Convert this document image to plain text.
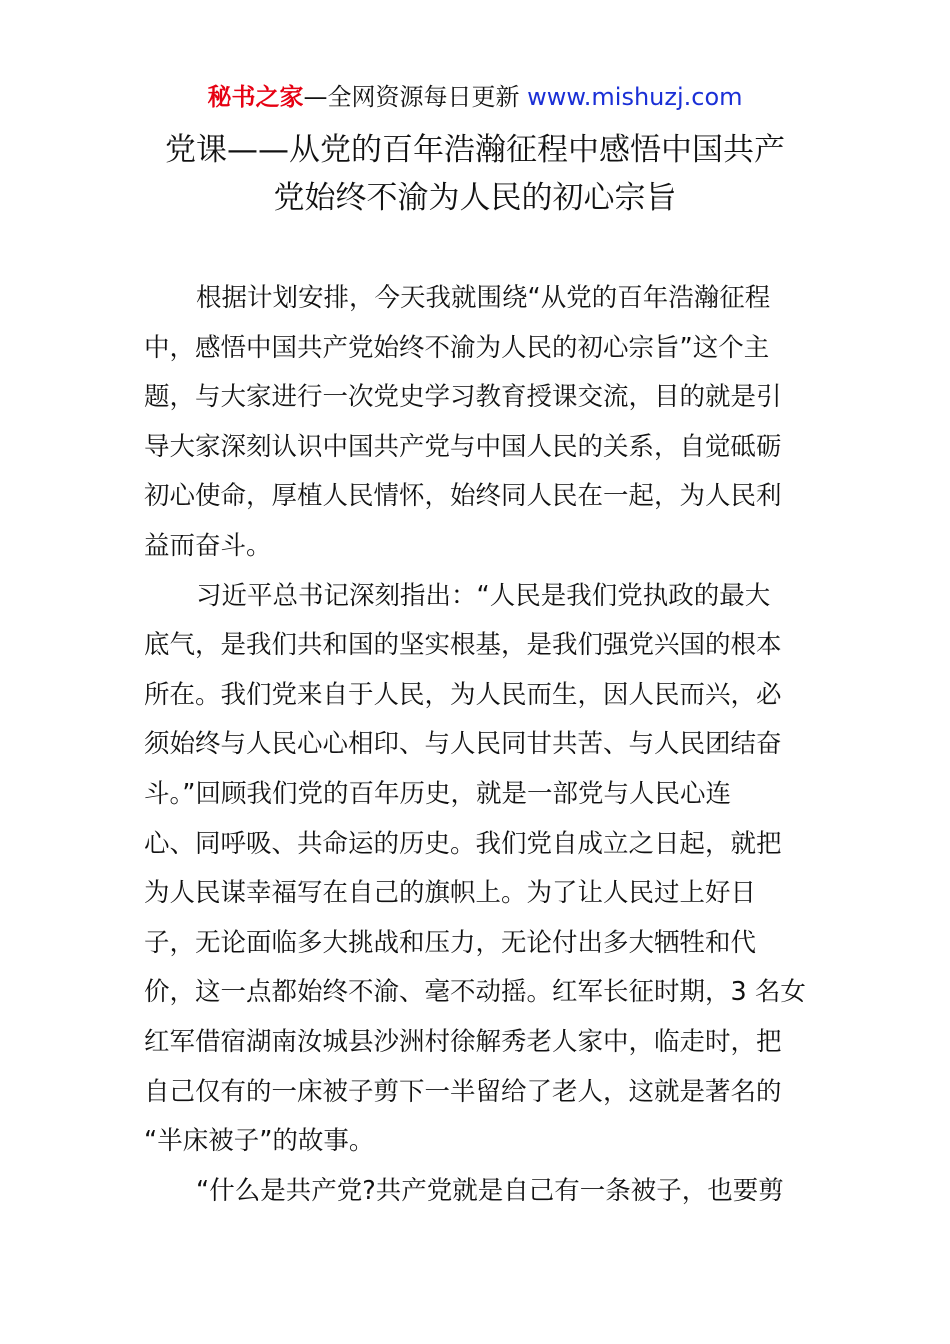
秘书之家—全网资源每日更新 www.mishuzj.com
党课——从党的百年浩瀚征程中感悟中国共产
党始终不渝为人民的初心宗旨
根据计划安排，今天我就围绕“从党的百年浩瀚征程
中，感悟中国共产党始终不渝为人民的初心宗旨”这个主
题，与大家进行一次党史学习教育授课交流，目的就是引
导大家深刻认识中国共产党与中国人民的关系，自觉砥砺
初心使命，厚植人民情怀，始终同人民在一起，为人民利
益而奋斗。
习近平总书记深刻指出：“人民是我们党执政的最大
底气，是我们共和国的坚实根基，是我们强党兴国的根本
所在。我们党来自于人民，为人民而生，因人民而兴，必
须始终与人民心心相印、与人民同甘共苦、与人民团结奋
斗。”回顾我们党的百年历史，就是一部党与人民心连
心、同呼吸、共命运的历史。我们党自成立之日起，就把
为人民谋幸福写在自己的旗帜上。为了让人民过上好日
子，无论面临多大挑战和压力，无论付出多大牺牲和代
价，这一点都始终不渝、毫不动摇。红军长征时期，3 名女
红军借宿湖南汝城县沙洲村徐解秀老人家中，临走时，把
自己仅有的一床被子剪下一半留给了老人，这就是著名的
“半床被子”的故事。
“什么是共产党?共产党就是自己有一条被子，也要剪
